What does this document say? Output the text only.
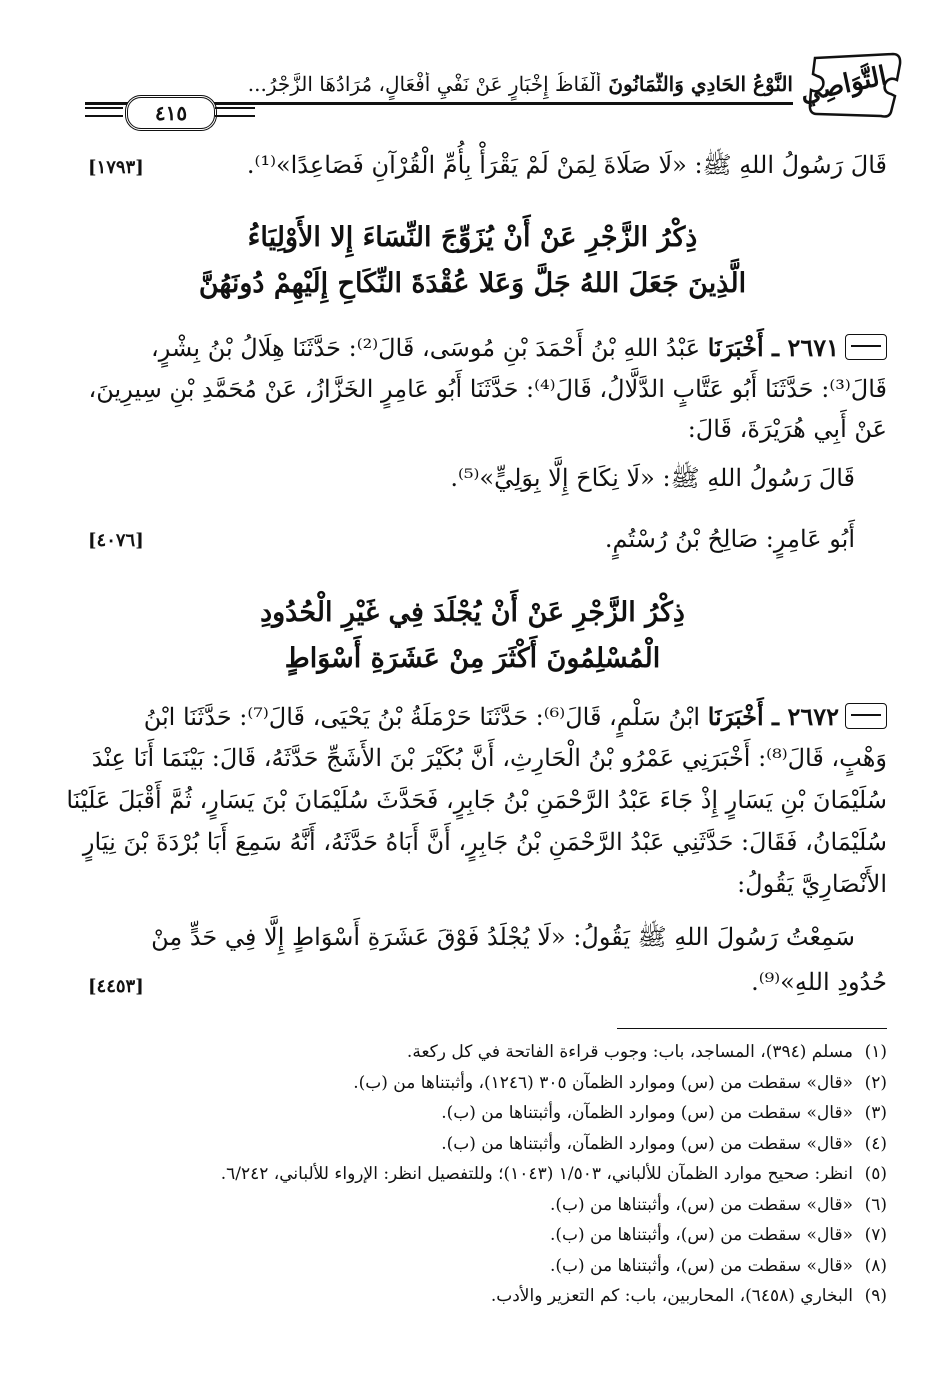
التَّوَاصِي
النَّوْعُ الحَادِي وَالثَّمَانُونَ أَلْفَاظُ إِخْبَارٍ عَنْ نَفْيِ أَفْعَالٍ، مُرَادُهَا الزَّجْرُ...
٤١٥
قَالَ رَسُولُ اللهِ ﷺ: «لَا صَلَاةَ لِمَنْ لَمْ يَقْرَأْ بِأُمِّ الْقُرْآنِ فَصَاعِدًا»⁽¹⁾.
[١٧٩٣]
ذِكْرُ الزَّجْرِ عَنْ أَنْ يُزَوِّجَ النِّسَاءَ إِلا الأَوْلِيَاءُ
الَّذِينَ جَعَلَ اللهُ جَلَّ وَعَلا عُقْدَةَ النِّكَاحِ إِلَيْهِمْ دُونَهُنَّ
٢٦٧١ ـ أَخْبَرَنَا عَبْدُ اللهِ بْنُ أَحْمَدَ بْنِ مُوسَى، قَالَ⁽²⁾: حَدَّثَنَا هِلَالُ بْنُ بِشْرٍ،
قَالَ⁽³⁾: حَدَّثَنَا أَبُو عَتَّابٍ الدَّلَّالُ، قَالَ⁽⁴⁾: حَدَّثَنَا أَبُو عَامِرٍ الخَزَّازُ، عَنْ مُحَمَّدِ بْنِ سِيرِينَ،
عَنْ أَبِي هُرَيْرَةَ، قَالَ:
قَالَ رَسُولُ اللهِ ﷺ: «لَا نِكَاحَ إِلَّا بِوَلِيٍّ»⁽⁵⁾.
أَبُو عَامِرٍ: صَالِحُ بْنُ رُسْتُمٍ.
[٤٠٧٦]
ذِكْرُ الزَّجْرِ عَنْ أَنْ يُجْلَدَ فِي غَيْرِ الْحُدُودِ
الْمُسْلِمُونَ أَكْثَرَ مِنْ عَشَرَةِ أَسْوَاطٍ
٢٦٧٢ ـ أَخْبَرَنَا ابْنُ سَلْمٍ، قَالَ⁽⁶⁾: حَدَّثَنَا حَرْمَلَةُ بْنُ يَحْيَى، قَالَ⁽⁷⁾: حَدَّثَنَا ابْنُ
وَهْبٍ، قَالَ⁽⁸⁾: أَخْبَرَنِي عَمْرُو بْنُ الْحَارِثِ، أَنَّ بُكَيْرَ بْنَ الأَشَجِّ حَدَّثَهُ، قَالَ: بَيْنَمَا أَنَا عِنْدَ
سُلَيْمَانَ بْنِ يَسَارٍ إِذْ جَاءَ عَبْدُ الرَّحْمَنِ بْنُ جَابِرٍ، فَحَدَّثَ سُلَيْمَانَ بْنَ يَسَارٍ، ثُمَّ أَقْبَلَ عَلَيْنَا
سُلَيْمَانُ، فَقَالَ: حَدَّثَنِي عَبْدُ الرَّحْمَنِ بْنُ جَابِرٍ، أَنَّ أَبَاهُ حَدَّثَهُ، أَنَّهُ سَمِعَ أَبَا بُرْدَةَ بْنَ نِيَارٍ
الأَنْصَارِيَّ يَقُولُ:
سَمِعْتُ رَسُولَ اللهِ ﷺ يَقُولُ: «لَا يُجْلَدُ فَوْقَ عَشَرَةِ أَسْوَاطٍ إِلَّا فِي حَدٍّ مِنْ
حُدُودِ اللهِ»⁽⁹⁾.
[٤٤٥٣]
(١)مسلم (٣٩٤)، المساجد، باب: وجوب قراءة الفاتحة في كل ركعة.
(٢)«قال» سقطت من (س) وموارد الظمآن ٣٠٥ (١٢٤٦)، وأثبتناها من (ب).
(٣)«قال» سقطت من (س) وموارد الظمآن، وأثبتناها من (ب).
(٤)«قال» سقطت من (س) وموارد الظمآن، وأثبتناها من (ب).
(٥)انظر: صحيح موارد الظمآن للألباني، ١/٥٠٣ (١٠٤٣)؛ وللتفصيل انظر: الإرواء للألباني، ٦/٢٤٢.
(٦)«قال» سقطت من (س)، وأثبتناها من (ب).
(٧)«قال» سقطت من (س)، وأثبتناها من (ب).
(٨)«قال» سقطت من (س)، وأثبتناها من (ب).
(٩)البخاري (٦٤٥٨)، المحاربين، باب: كم التعزير والأدب.
